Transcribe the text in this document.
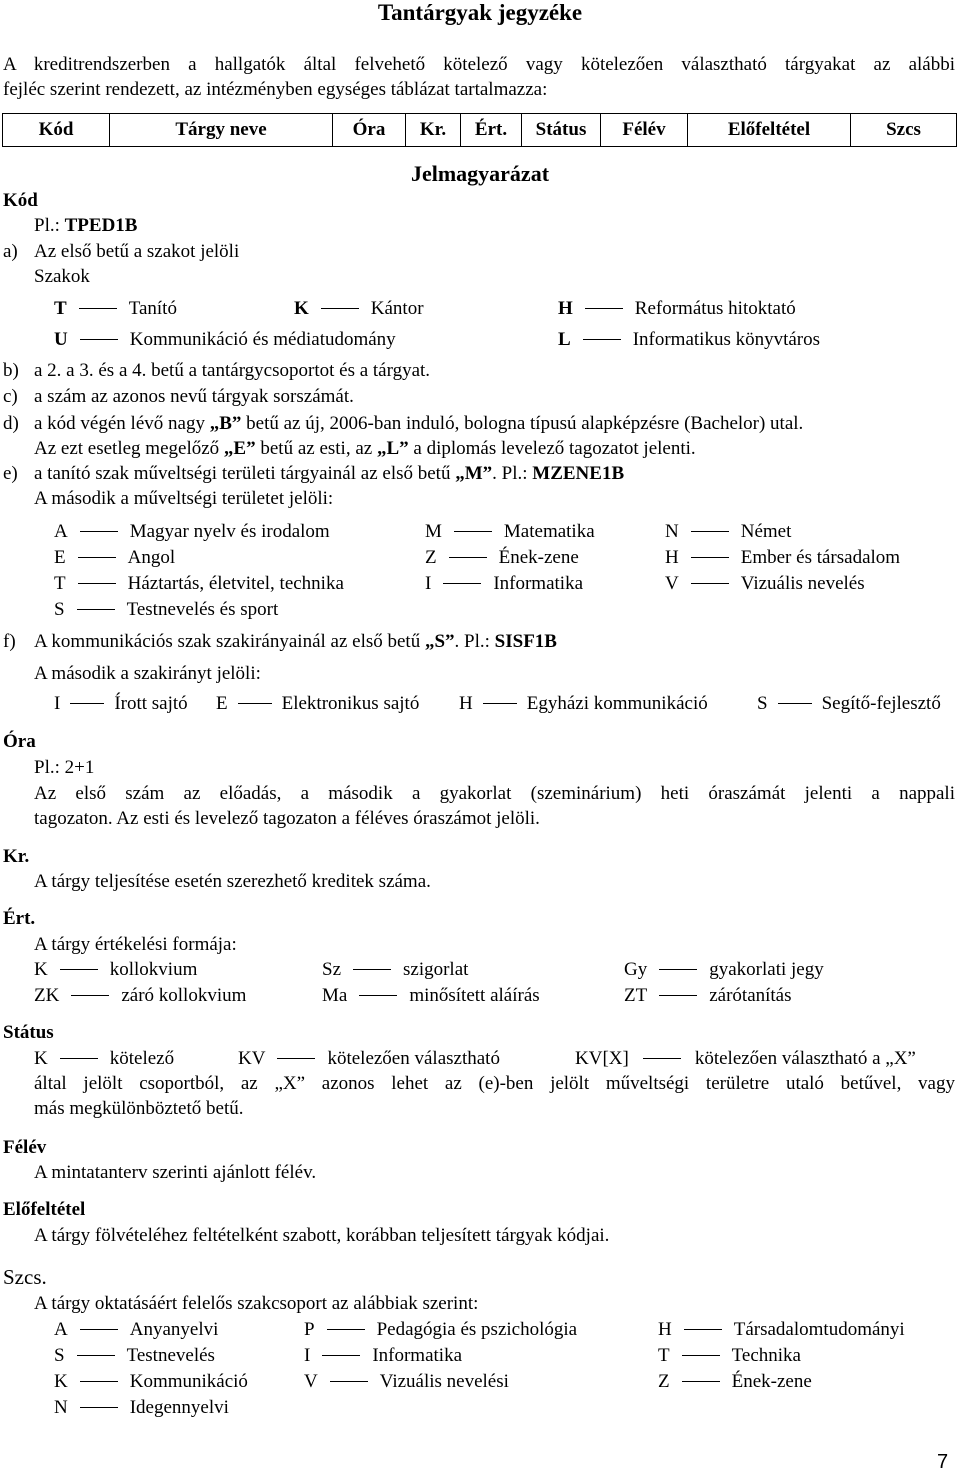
Tantárgyak jegyzéke
A kreditrendszerben a hallgatók által felvehető kötelező vagy kötelezően választható tárgyakat az alábbi
fejléc szerint rendezett, az intézményben egységes táblázat tartalmazza:
Kód	Tárgy neve	Óra	Kr.	Ért.	Státus	Félév	Előfeltétel	Szcs
Jelmagyarázat
Kód
Pl.: TPED1B
a) Az első betű a szakot jelöli
Szakok
T	Tanító	K	Kántor	H	Református hitoktató
U	Kommunikáció és médiatudomány	L	Informatikus könyvtáros
b) a 2. a 3. és a 4. betű a tantárgycsoportot és a tárgyat.
c) a szám az azonos nevű tárgyak sorszámát.
d) a kód végén lévő nagy „B” betű az új, 2006-ban induló, bologna típusú alapképzésre (Bachelor) utal.
Az ezt esetleg megelőző „E” betű az esti, az „L” a diplomás levelező tagozatot jelenti.
e) a tanító szak műveltségi területi tárgyainál az első betű „M”. Pl.: MZENE1B
A második a műveltségi területet jelöli:
A	Magyar nyelv és irodalom	M	Matematika	N	Német
E	Angol	Z	Ének-zene	H	Ember és társadalom
T	Háztartás, életvitel, technika	I	Informatika	V	Vizuális nevelés
S	Testnevelés és sport
f) A kommunikációs szak szakirányainál az első betű „S”. Pl.: SISF1B
A második a szakirányt jelöli:
I	Írott sajtó E	Elektronikus sajtó H	Egyházi kommunikáció	S	Segítő-fejlesztő
Óra
Pl.: 2+1
Az első szám az előadás, a második a gyakorlat (szeminárium) heti óraszámát jelenti a nappali
tagozaton. Az esti és levelező tagozaton a féléves óraszámot jelöli.
Kr.
A tárgy teljesítése esetén szerezhető kreditek száma.
Ért.
A tárgy értékelési formája:
K	kollokvium	Sz	szigorlat	Gy	gyakorlati jegy
ZK	záró kollokvium	Ma	minősített aláírás	ZT	zárótanítás
Státus
K	kötelező	KV	kötelezően választható	KV[X]	kötelezően választható a „X”
által jelölt csoportból, az „X” azonos lehet az (e)-ben jelölt műveltségi területre utaló betűvel, vagy
más megkülönböztető betű.
Félév
A mintatanterv szerinti ajánlott félév.
Előfeltétel
A tárgy fölvételéhez feltételként szabott, korábban teljesített tárgyak kódjai.
Szcs.
A tárgy oktatásáért felelős szakcsoport az alábbiak szerint:
A	Anyanyelvi	P	Pedagógia és pszichológia	H	Társadalomtudományi
S	Testnevelés	I	Informatika	T	Technika
K	Kommunikáció	V	Vizuális nevelési	Z	Ének-zene
N	Idegennyelvi
7
